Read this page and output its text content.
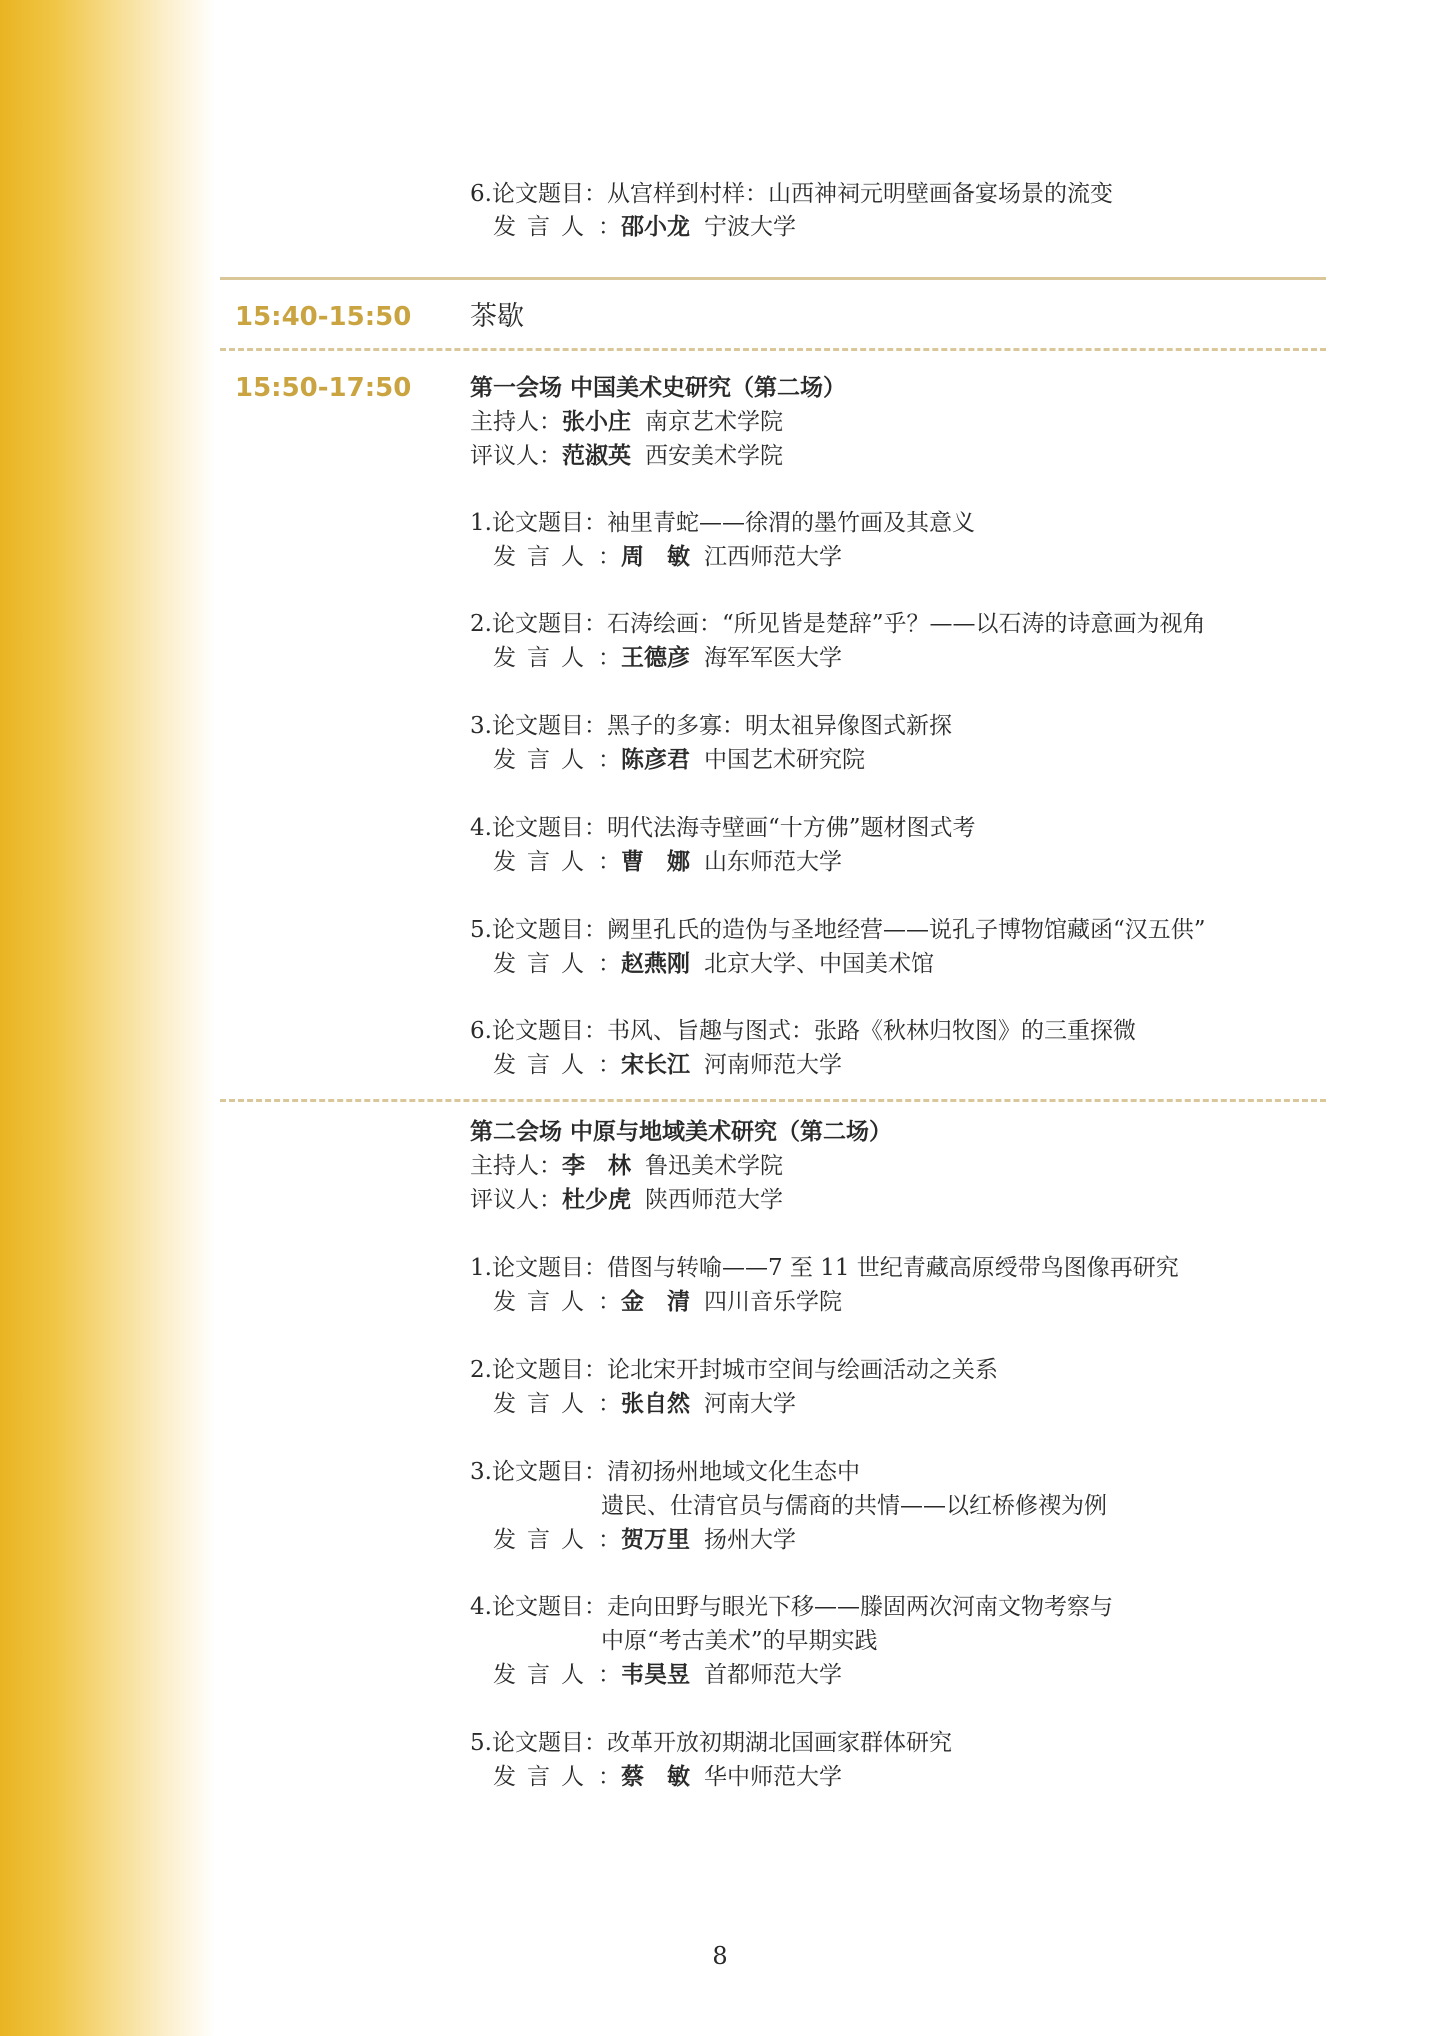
6.论文题目：从宫样到村样：山西神祠元明壁画备宴场景的流变
发言人 ：邵小龙 宁波大学
15:40-15:50 茶歇
15:50-17:50	第一会场 中国美术史研究（第二场）
主持人：张小庄 南京艺术学院
评议人：范淑英 西安美术学院
1.论文题目：袖里青蛇——徐渭的墨竹画及其意义
发言人 ：周　敏 江西师范大学
2.论文题目：石涛绘画：“所见皆是楚辞”乎？——以石涛的诗意画为视角
发言人 ：王德彦 海军军医大学
3.论文题目：黑子的多寡：明太祖异像图式新探
发言人 ：陈彦君 中国艺术研究院
4.论文题目：明代法海寺壁画“十方佛”题材图式考
发言人 ：曹　娜 山东师范大学
5.论文题目：阙里孔氏的造伪与圣地经营——说孔子博物馆藏函“汉五供”
发言人 ：赵燕刚 北京大学、中国美术馆
6.论文题目：书风、旨趣与图式：张路《秋林归牧图》的三重探微
发言人 ：宋长江 河南师范大学
第二会场 中原与地域美术研究（第二场）
主持人：李　林 鲁迅美术学院
评议人：杜少虎 陕西师范大学
1.论文题目：借图与转喻——7 至 11 世纪青藏高原绶带鸟图像再研究
发言人 ：金　清 四川音乐学院
2.论文题目：论北宋开封城市空间与绘画活动之关系
发言人 ：张自然 河南大学
3.论文题目：清初扬州地域文化生态中
遗民、仕清官员与儒商的共情——以红桥修禊为例
发言人 ：贺万里 扬州大学
4.论文题目：走向田野与眼光下移——滕固两次河南文物考察与
中原“考古美术”的早期实践
发言人 ：韦昊昱 首都师范大学
5.论文题目：改革开放初期湖北国画家群体研究
发言人 ：蔡　敏 华中师范大学
8
